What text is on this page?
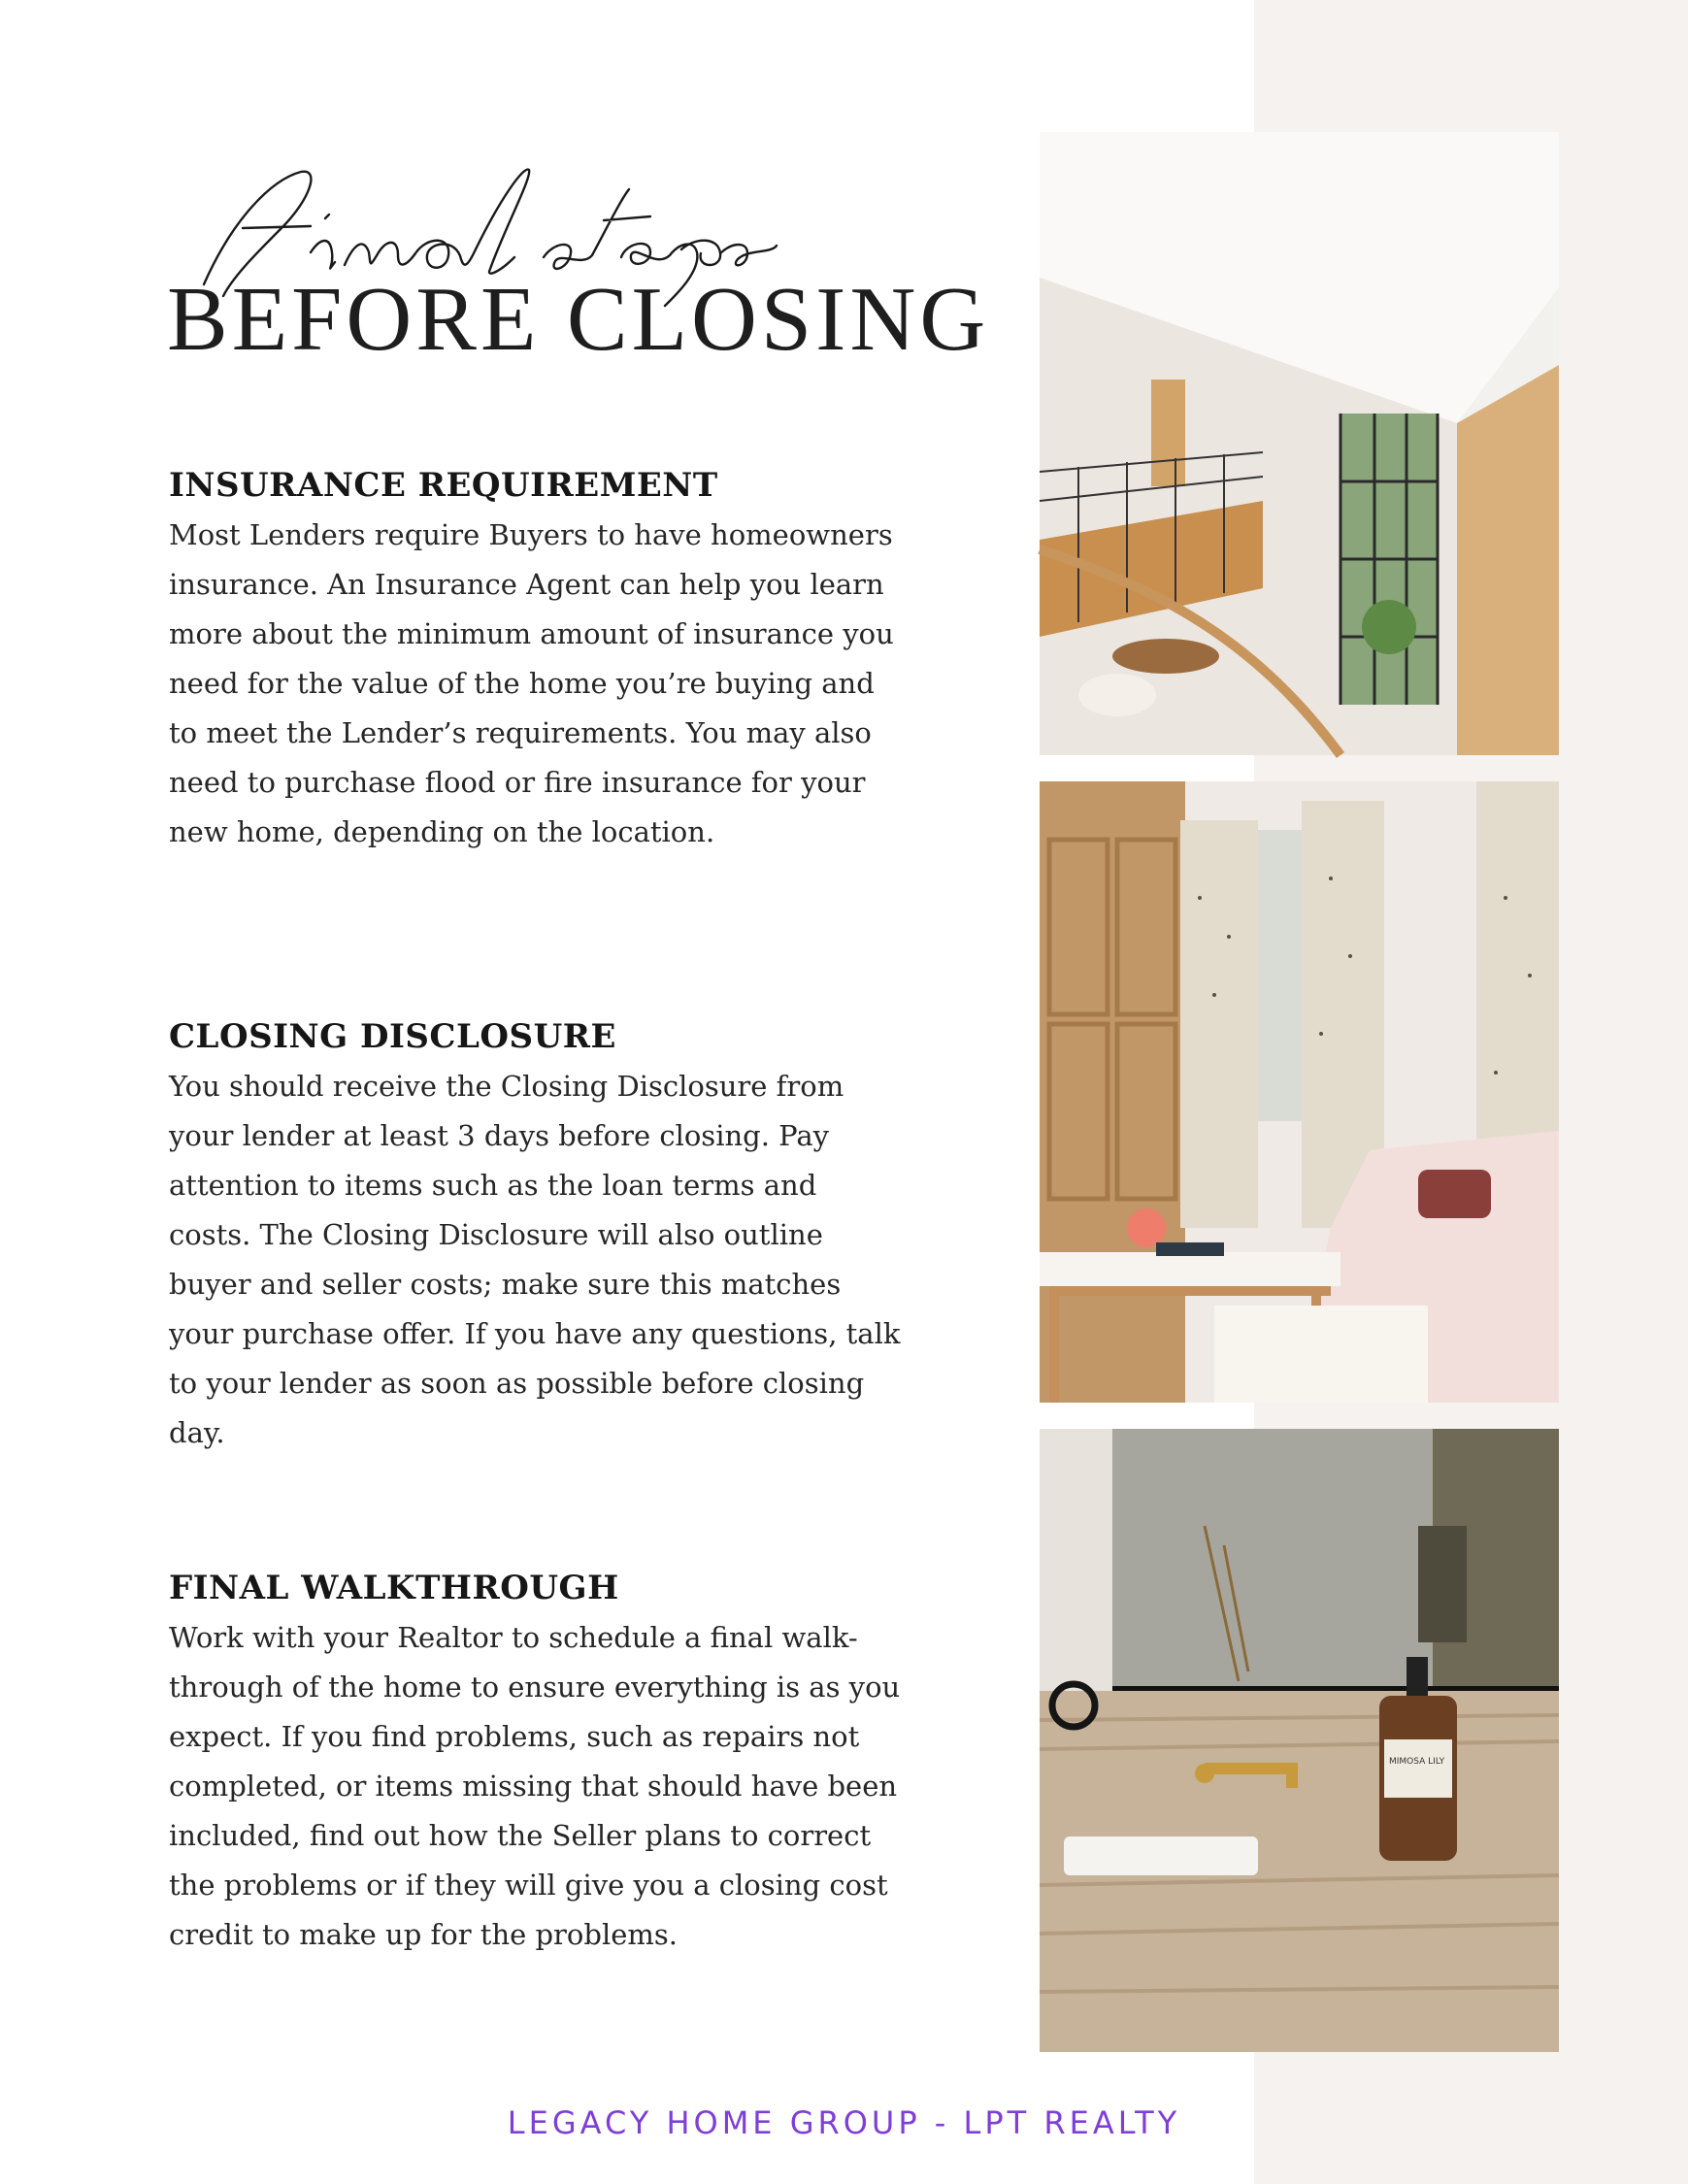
final steps
BEFORE CLOSING
INSURANCE REQUIREMENT

Most Lenders require Buyers to have homeowners insurance. An Insurance Agent can help you learn more about the minimum amount of insurance you need for the value of the home you’re buying and to meet the Lender’s requirements. You may also need to purchase flood or fire insurance for your new home, depending on the location.

CLOSING DISCLOSURE

You should receive the Closing Disclosure from your lender at least 3 days before closing. Pay attention to items such as the loan terms and costs. The Closing Disclosure will also outline buyer and seller costs; make sure this matches your purchase offer. If you have any questions, talk to your lender as soon as possible before closing day.

FINAL WALKTHROUGH

Work with your Realtor to schedule a final walk-through of the home to ensure everything is as you expect. If you find problems, such as repairs not completed, or items missing that should have been included, find out how the Seller plans to correct the problems or if they will give you a closing cost credit to make up for the problems.

MIMOSA LILY
LEGACY HOME GROUP - LPT REALTY
